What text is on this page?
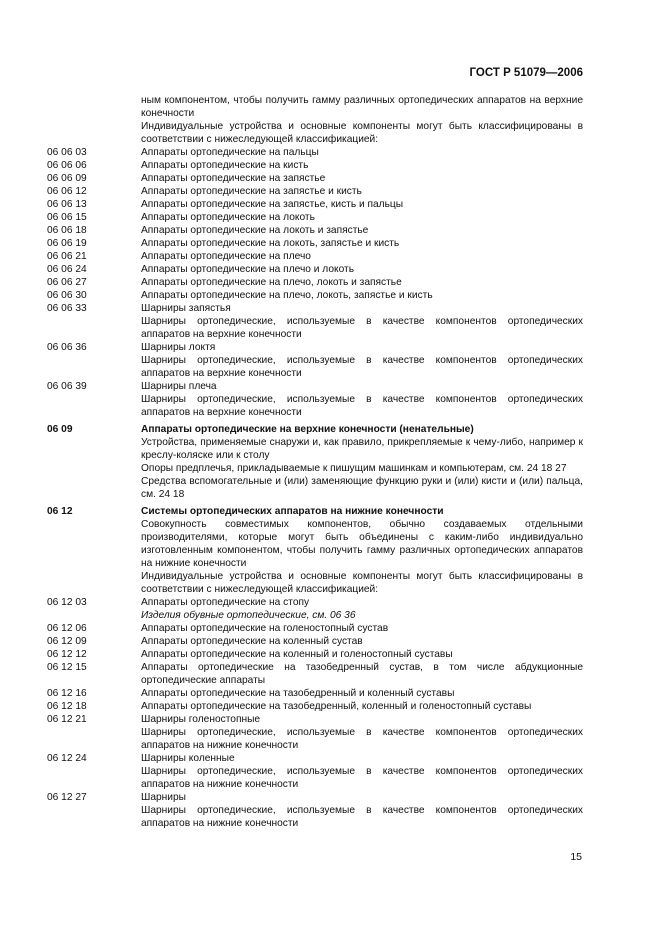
ГОСТ Р 51079—2006
ным компонентом, чтобы получить гамму различных ортопедических аппаратов на верхние конечности
Индивидуальные устройства и основные компоненты могут быть классифицированы в соответствии с нижеследующей классификацией:
06 06 03	Аппараты ортопедические на пальцы
06 06 06	Аппараты ортопедические на кисть
06 06 09	Аппараты ортопедические на запястье
06 06 12	Аппараты ортопедические на запястье и кисть
06 06 13	Аппараты ортопедические на запястье, кисть и пальцы
06 06 15	Аппараты ортопедические на локоть
06 06 18	Аппараты ортопедические на локоть и запястье
06 06 19	Аппараты ортопедические на локоть, запястье и кисть
06 06 21	Аппараты ортопедические на плечо
06 06 24	Аппараты ортопедические на плечо и локоть
06 06 27	Аппараты ортопедические на плечо, локоть и запястье
06 06 30	Аппараты ортопедические на плечо, локоть, запястье и кисть
06 06 33	Шарниры запястья
Шарниры ортопедические, используемые в качестве компонентов ортопедических аппаратов на верхние конечности
06 06 36	Шарниры локтя
Шарниры ортопедические, используемые в качестве компонентов ортопедических аппаратов на верхние конечности
06 06 39	Шарниры плеча
Шарниры ортопедические, используемые в качестве компонентов ортопедических аппаратов на верхние конечности
06 09	Аппараты ортопедические на верхние конечности (ненательные)
Устройства, применяемые снаружи и, как правило, прикрепляемые к чему-либо, например к креслу-коляске или к столу
Опоры предплечья, прикладываемые к пишущим машинкам и компьютерам, см. 24 18 27
Средства вспомогательные и (или) заменяющие функцию руки и (или) кисти и (или) пальца, см. 24 18
06 12	Системы ортопедических аппаратов на нижние конечности
Совокупность совместимых компонентов, обычно создаваемых отдельными производителями, которые могут быть объединены с каким-либо индивидуально изготовленным компонентом, чтобы получить гамму различных ортопедических аппаратов на нижние конечности
Индивидуальные устройства и основные компоненты могут быть классифицированы в соответствии с нижеследующей классификацией:
06 12 03	Аппараты ортопедические на стопу
Изделия обувные ортопедические, см. 06 36
06 12 06	Аппараты ортопедические на голеностопный сустав
06 12 09	Аппараты ортопедические на коленный сустав
06 12 12	Аппараты ортопедические на коленный и голеностопный суставы
06 12 15	Аппараты ортопедические на тазобедренный сустав, в том числе абдукционные ортопедические аппараты
06 12 16	Аппараты ортопедические на тазобедренный и коленный суставы
06 12 18	Аппараты ортопедические на тазобедренный, коленный и голеностопный суставы
06 12 21	Шарниры голеностопные
Шарниры ортопедические, используемые в качестве компонентов ортопедических аппаратов на нижние конечности
06 12 24	Шарниры коленные
Шарниры ортопедические, используемые в качестве компонентов ортопедических аппаратов на нижние конечности
06 12 27	Шарниры
Шарниры ортопедические, используемые в качестве компонентов ортопедических аппаратов на нижние конечности
15
